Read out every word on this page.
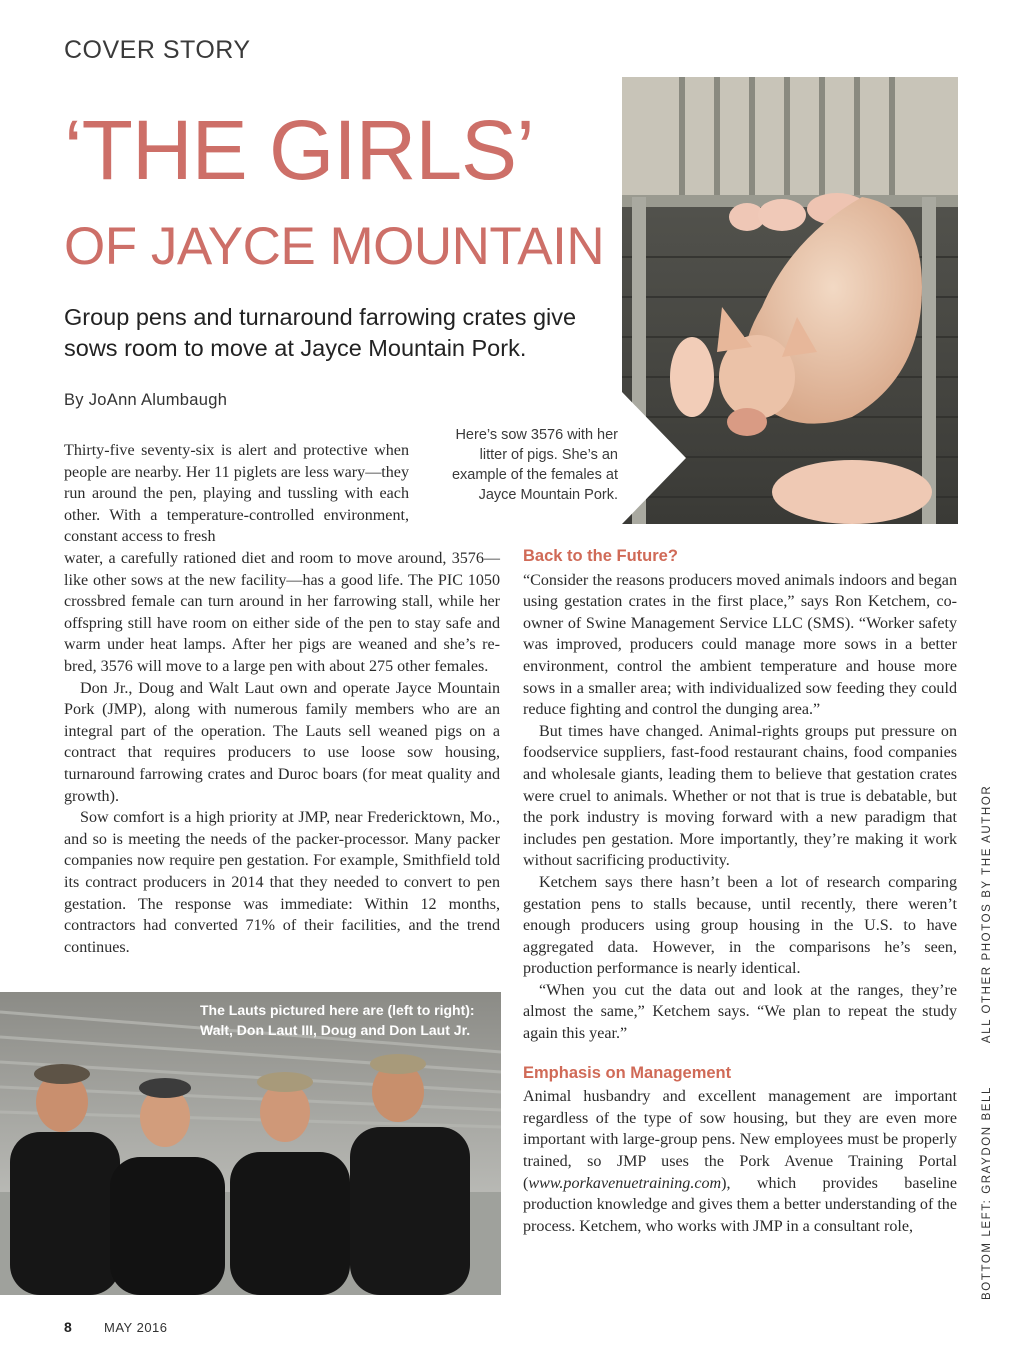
COVER STORY
‘THE GIRLS’
OF JAYCE MOUNTAIN
Group pens and turnaround farrowing crates give sows room to move at Jayce Mountain Pork.
By JoAnn Alumbaugh
Here’s sow 3576 with her litter of pigs. She’s an example of the females at Jayce Mountain Pork.

Thirty-five seventy-six is alert and protective when people are nearby. Her 11 piglets are less wary—they run around the pen, playing and tussling with each other. With a temperature-controlled environment, constant access to fresh

water, a carefully rationed diet and room to move around, 3576—like other sows at the new facility—has a good life. The PIC 1050 crossbred female can turn around in her farrowing stall, while her offspring still have room on either side of the pen to stay safe and warm under heat lamps. After her pigs are weaned and she’s re-bred, 3576 will move to a large pen with about 275 other females.

Don Jr., Doug and Walt Laut own and operate Jayce Mountain Pork (JMP), along with numerous family members who are an integral part of the operation. The Lauts sell weaned pigs on a contract that requires producers to use loose sow housing, turnaround farrowing crates and Duroc boars (for meat quality and growth).

Sow comfort is a high priority at JMP, near Fredericktown, Mo., and so is meeting the needs of the packer-processor. Many packer companies now require pen gestation. For example, Smithfield told its contract producers in 2014 that they needed to convert to pen gestation. The response was immediate: Within 12 months, contractors had converted 71% of their facilities, and the trend continues.

Back to the Future?

“Consider the reasons producers moved animals indoors and began using gestation crates in the first place,” says Ron Ketchem, co-owner of Swine Management Service LLC (SMS). “Worker safety was improved, producers could manage more sows in a better environment, control the ambient temperature and house more sows in a smaller area; with individualized sow feeding they could reduce fighting and control the dunging area.”

But times have changed. Animal-rights groups put pressure on foodservice suppliers, fast-food restaurant chains, food companies and wholesale giants, leading them to believe that gestation crates were cruel to animals. Whether or not that is true is debatable, but the pork industry is moving forward with a new paradigm that includes pen gestation. More importantly, they’re making it work without sacrificing productivity.

Ketchem says there hasn’t been a lot of research comparing gestation pens to stalls because, until recently, there weren’t enough producers using group housing in the U.S. to have aggregated data. However, in the comparisons he’s seen, production performance is nearly identical.

“When you cut the data out and look at the ranges, they’re almost the same,” Ketchem says. “We plan to repeat the study again this year.”

Emphasis on Management

Animal husbandry and excellent management are important regardless of the type of sow housing, but they are even more important with large-group pens. New employees must be properly trained, so JMP uses the Pork Avenue Training Portal (www.porkavenuetraining.com), which provides baseline production knowledge and gives them a better understanding of the process. Ketchem, who works with JMP in a consultant role,

The Lauts pictured here are (left to right): Walt, Don Laut III, Doug and Don Laut Jr.
BOTTOM LEFT: GRAYDON BELL ALL OTHER PHOTOS BY THE AUTHOR
8 MAY 2016
